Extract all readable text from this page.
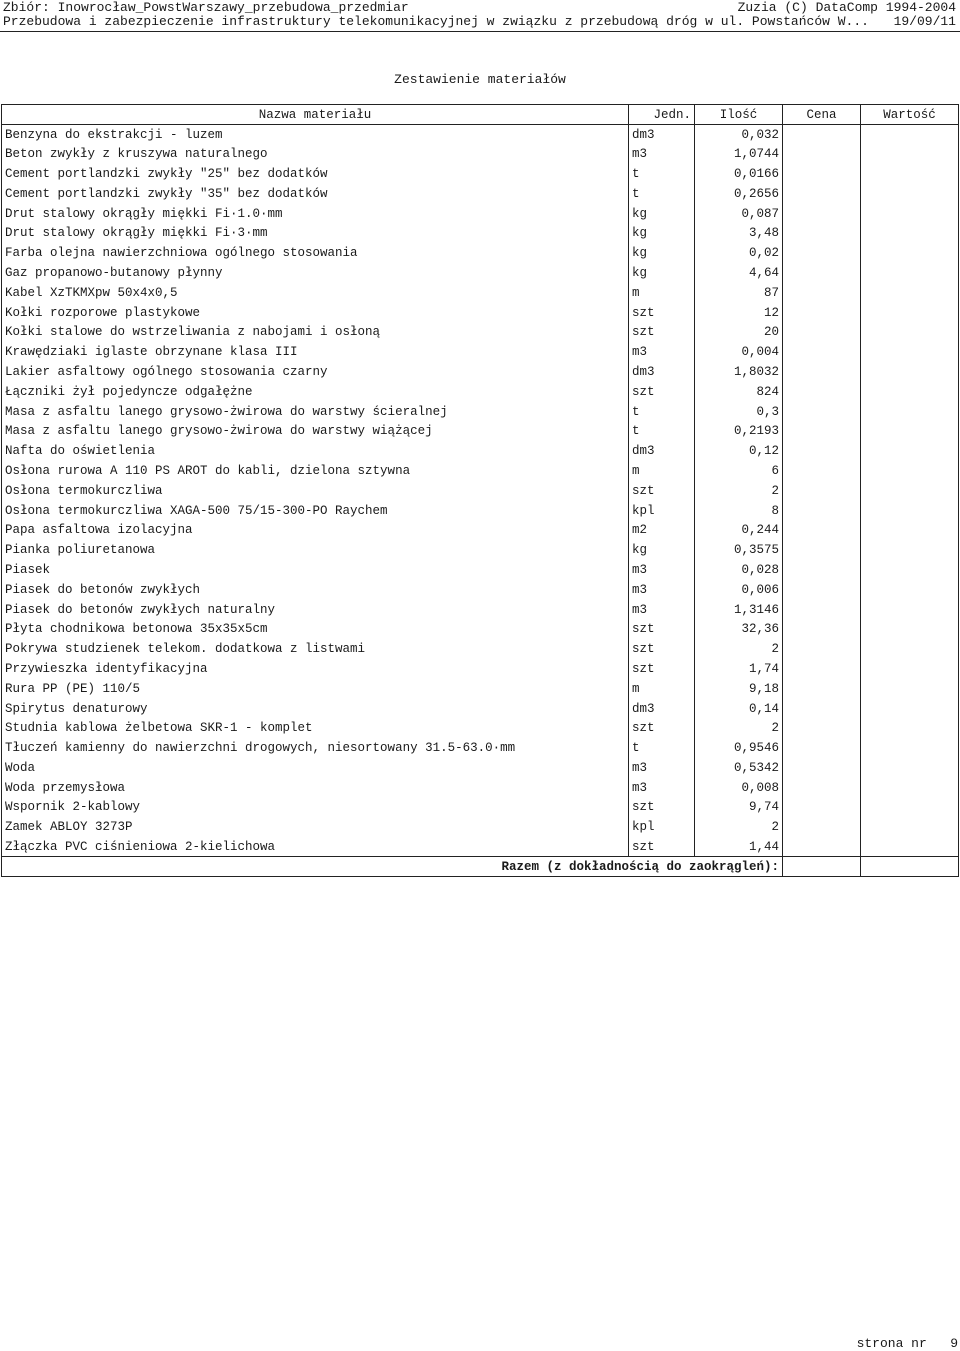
Zbiór: Inowrocław_PowstWarszawy_przebudowa_przedmiar	Zuzia (C) DataComp 1994-2004
Przebudowa i zabezpieczenie infrastruktury telekomunikacyjnej w związku z przebudową dróg w ul. Powstańców W... 19/09/11
Zestawienie materiałów
Nazwa materiału	Jedn.	Ilość	Cena	Wartość
Benzyna do ekstrakcji - luzem	dm3	0,032		
Beton zwykły z kruszywa naturalnego	m3	1,0744		
Cement portlandzki zwykły "25" bez dodatków	t	0,0166		
Cement portlandzki zwykły "35" bez dodatków	t	0,2656		
Drut stalowy okrągły miękki Fi·1.0·mm	kg	0,087		
Drut stalowy okrągły miękki Fi·3·mm	kg	3,48		
Farba olejna nawierzchniowa ogólnego stosowania	kg	0,02		
Gaz propanowo-butanowy płynny	kg	4,64		
Kabel XzTKMXpw 50x4x0,5	m	87		
Kołki rozporowe plastykowe	szt	12		
Kołki stalowe do wstrzeliwania z nabojami i osłoną	szt	20		
Krawędziaki iglaste obrzynane klasa III	m3	0,004		
Lakier asfaltowy ogólnego stosowania czarny	dm3	1,8032		
Łączniki żył pojedyncze odgałężne	szt	824		
Masa z asfaltu lanego grysowo-żwirowa do warstwy ścieralnej	t	0,3		
Masa z asfaltu lanego grysowo-żwirowa do warstwy wiążącej	t	0,2193		
Nafta do oświetlenia	dm3	0,12		
Osłona rurowa A 110 PS AROT do kabli, dzielona sztywna	m	6		
Osłona termokurczliwa	szt	2		
Osłona termokurczliwa XAGA-500 75/15-300-PO Raychem	kpl	8		
Papa asfaltowa izolacyjna	m2	0,244		
Pianka poliuretanowa	kg	0,3575		
Piasek	m3	0,028		
Piasek do betonów zwykłych	m3	0,006		
Piasek do betonów zwykłych naturalny	m3	1,3146		
Płyta chodnikowa betonowa 35x35x5cm	szt	32,36		
Pokrywa studzienek telekom. dodatkowa z listwami	szt	2		
Przywieszka identyfikacyjna	szt	1,74		
Rura PP (PE) 110/5	m	9,18		
Spirytus denaturowy	dm3	0,14		
Studnia kablowa żelbetowa SKR-1 - komplet	szt	2		
Tłuczeń kamienny do nawierzchni drogowych, niesortowany 31.5-63.0·mm	t	0,9546		
Woda	m3	0,5342		
Woda przemysłowa	m3	0,008		
Wspornik 2-kablowy	szt	9,74		
Zamek ABLOY 3273P	kpl	2		
Złączka PVC ciśnieniowa 2-kielichowa	szt	1,44		
Razem (z dokładnością do zaokrągleń):				
strona nr 9
